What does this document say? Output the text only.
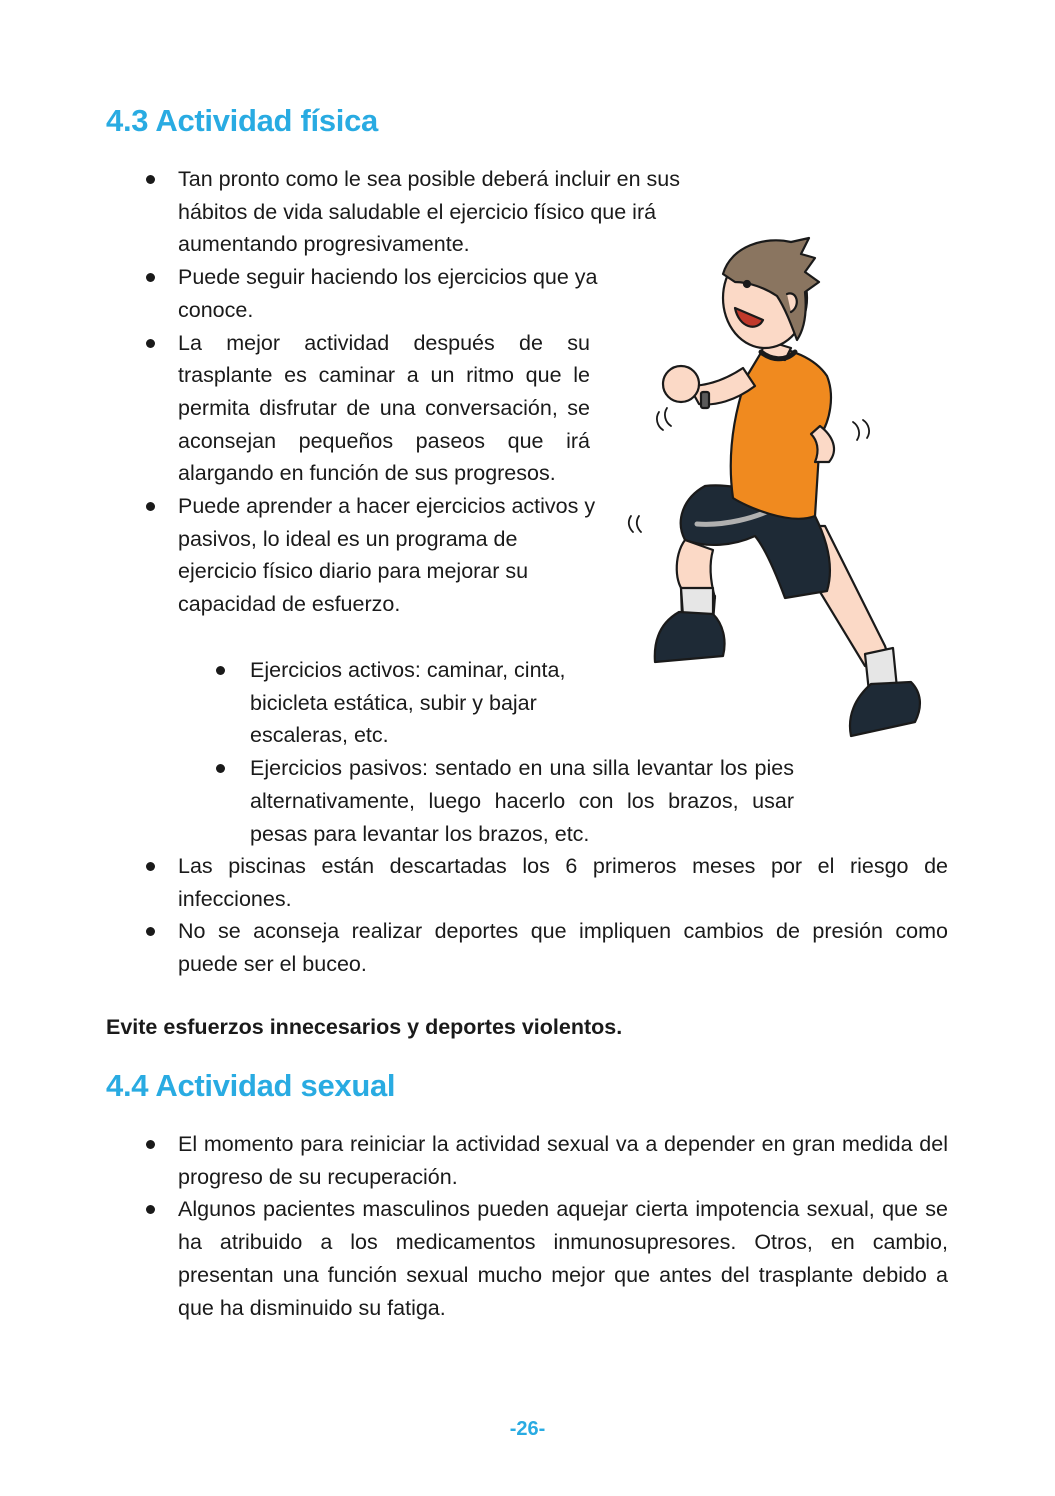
4.3 Actividad física
Tan pronto como le sea posible deberá incluir en sus hábitos de vida saludable el ejercicio físico que irá aumentando progresivamente.
Puede seguir haciendo los ejercicios que ya conoce.
La mejor actividad después de su trasplante es caminar a un ritmo que le permita disfrutar de una conversación, se aconsejan pequeños paseos que irá alargando en función de sus progresos.
Puede aprender a hacer ejercicios activos y pasivos, lo ideal es un programa de ejercicio físico diario para mejorar su capacidad de esfuerzo.
Ejercicios activos: caminar, cinta, bicicleta estática, subir y bajar escaleras, etc.
Ejercicios pasivos: sentado en una silla levantar los pies alternativamente, luego hacerlo con los brazos, usar pesas para levantar los brazos, etc.
Las piscinas están descartadas los 6 primeros meses por el riesgo de infecciones.
No se aconseja realizar deportes que impliquen cambios de presión como puede ser el buceo.

Evite esfuerzos innecesarios y deportes violentos.

4.4 Actividad sexual
El momento para reiniciar la actividad sexual va a depender en gran medida del progreso de su recuperación.
Algunos pacientes masculinos pueden aquejar cierta impotencia sexual, que se ha atribuido a los medicamentos inmunosupresores. Otros, en cambio, presentan una función sexual mucho mejor que antes del trasplante debido a que ha disminuido su fatiga.
-26-
